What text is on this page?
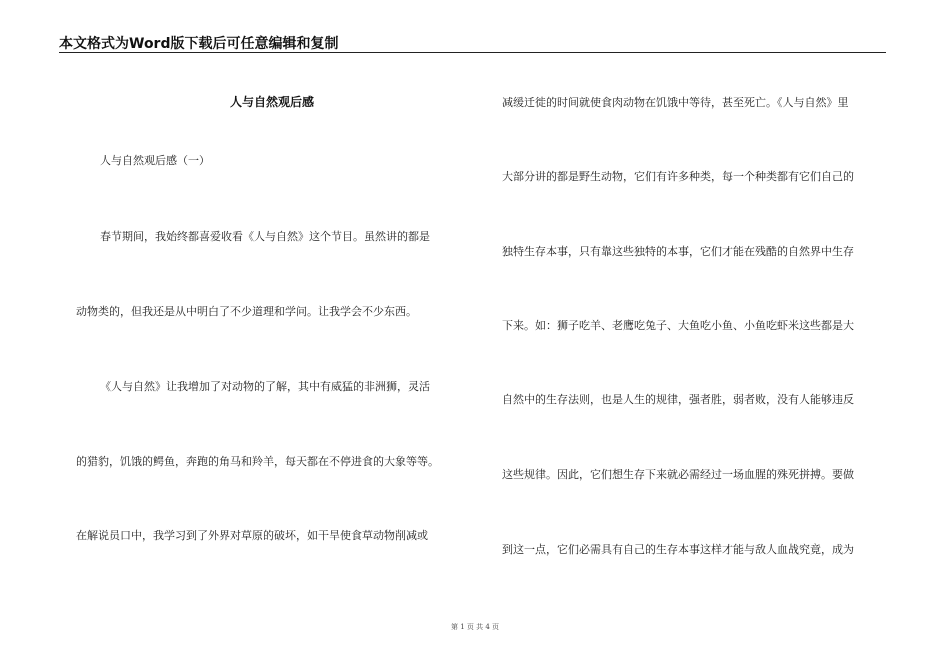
本文格式为Word版下载后可任意编辑和复制
人与自然观后感
人与自然观后感（一）
春节期间，我始终都喜爱收看《人与自然》这个节目。虽然讲的都是
动物类的，但我还是从中明白了不少道理和学问。让我学会不少东西。
《人与自然》让我增加了对动物的了解，其中有威猛的非洲狮，灵活
的猎豹，饥饿的鳄鱼，奔跑的角马和羚羊，每天都在不停进食的大象等等。
在解说员口中，我学习到了外界对草原的破坏，如干旱使食草动物削减或
减缓迁徙的时间就使食肉动物在饥饿中等待，甚至死亡。《人与自然》里
大部分讲的都是野生动物，它们有许多种类，每一个种类都有它们自己的
独特生存本事，只有靠这些独特的本事，它们才能在残酷的自然界中生存
下来。如：狮子吃羊、老鹰吃兔子、大鱼吃小鱼、小鱼吃虾米这些都是大
自然中的生存法则，也是人生的规律，强者胜，弱者败，没有人能够违反
这些规律。因此，它们想生存下来就必需经过一场血腥的殊死拼搏。要做
到这一点，它们必需具有自己的生存本事这样才能与敌人血战究竟，成为
第 1 页 共 4 页
